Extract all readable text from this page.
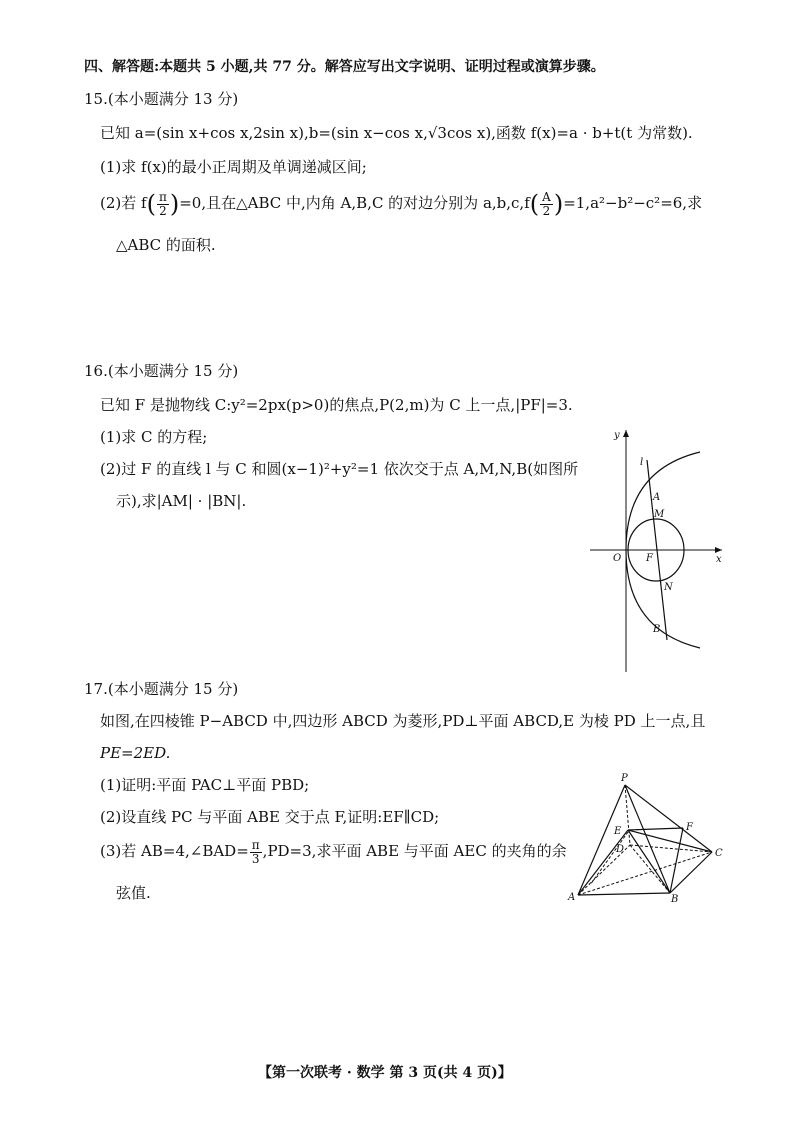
四、解答题:本题共 5 小题,共 77 分。解答应写出文字说明、证明过程或演算步骤。
15.(本小题满分 13 分)
已知 a=(sin x+cos x,2sin x),b=(sin x−cos x,√3cos x),函数 f(x)=a · b+t(t 为常数).
(1)求 f(x)的最小正周期及单调递减区间;
(2)若 $f( \frac{\pi}{2} )=0$,且在△ABC 中,内角 A,B,C 的对边分别为 $a,b,c,f( \frac{A}{2} )=1,a^2-b^2-c^2=6$,求
△ABC 的面积.
16.(本小题满分 15 分)
已知 F 是抛物线 C:y²=2px(p>0)的焦点,P(2,m)为 C 上一点,|PF|=3.
(1)求 C 的方程;
(2)过 F 的直线 l 与 C 和圆(x−1)²+y²=1 依次交于点 A,M,N,B(如图所
示),求|AM| · |BN|.
y
l
A
M
O F	x
N
B
17.(本小题满分 15 分)
如图,在四棱锥 P−ABCD 中,四边形 ABCD 为菱形,PD⊥平面 ABCD,E 为棱 PD 上一点,且
PE=2ED.
(1)证明:平面 PAC⊥平面 PBD;
(2)设直线 PC 与平面 ABE 交于点 F,证明:EF∥CD;
(3)若 AB=4,∠BAD= $\frac{\pi}{3} ,PD=3$,求平面 ABE 与平面 AEC 的夹角的余
弦值.
P
E	F
D	C
A	B
【第一次联考 · 数学 第 3 页(共 4 页)】
